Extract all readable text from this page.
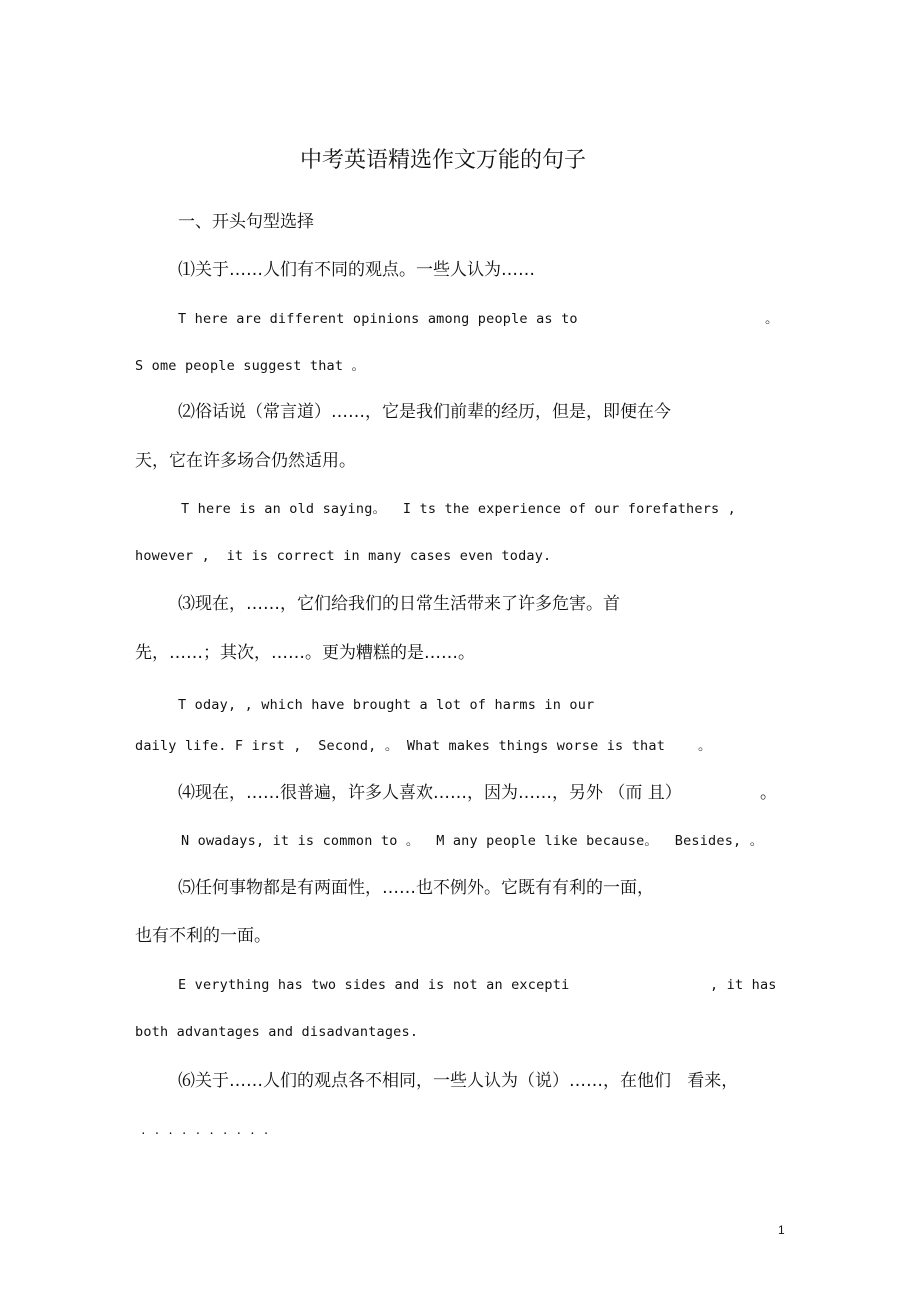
中考英语精选作文万能的句子
一、开头句型选择
⑴关于……人们有不同的观点。一些人认为……
T here are different opinions among people as to	。
S ome people suggest that 。
⑵俗话说（常言道）……，它是我们前辈的经历，但是，即便在今
天，它在许多场合仍然适用。
T here is an old saying。  I ts the experience of our forefathers ,
however ,  it is correct in many cases even today.
⑶现在，……，它们给我们的日常生活带来了许多危害。首
先，……；其次，……。更为糟糕的是……。
T oday, , which have brought a lot of harms in our
daily life. F irst ,  Second, 。 What makes things worse is that 。
⑷现在，……很普遍，许多人喜欢……，因为……，另外 （而 且）	。
N owadays, it is common to 。  M any people like because。  Besides, 。
⑸任何事物都是有两面性，……也不例外。它既有有利的一面，
也有不利的一面。
E verything has two sides and is not an excepti	, it has
both advantages and disadvantages.
⑹关于……人们的观点各不相同，一些人认为（说）……，在他们   看来，
. . . . . . . . . .
1
